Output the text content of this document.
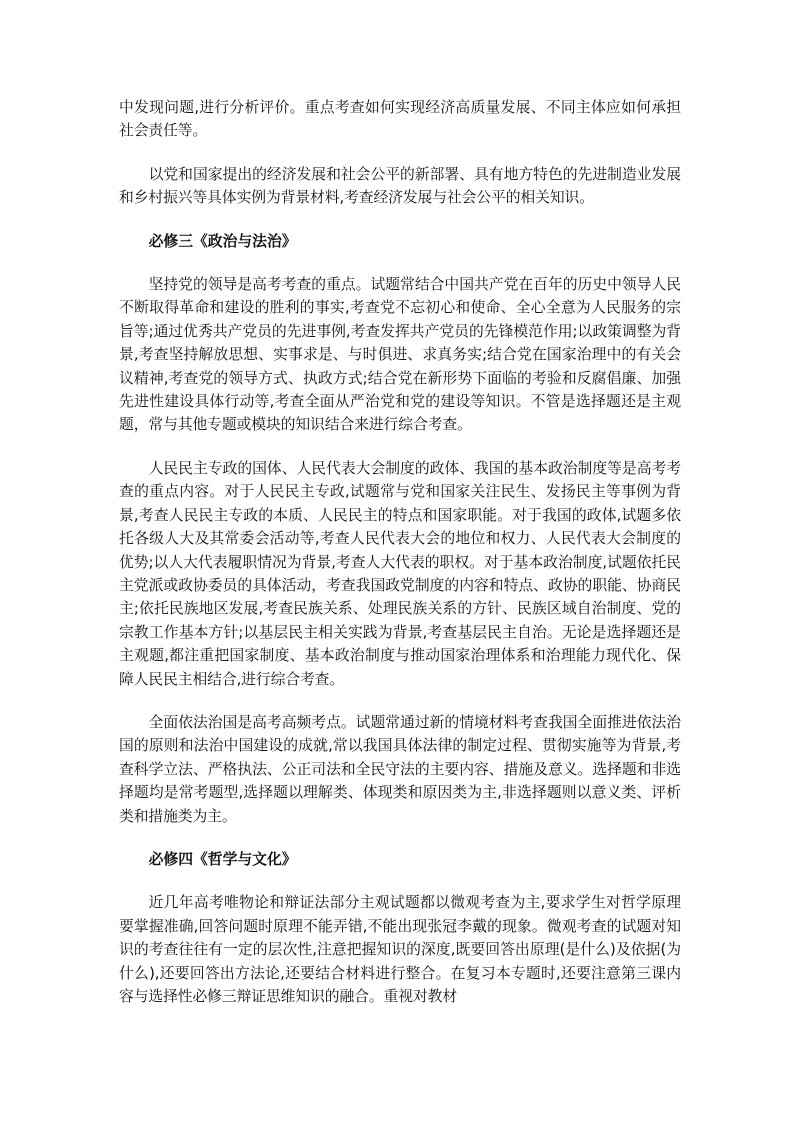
中发现问题,进行分析评价。重点考查如何实现经济高质量发展、不同主体应如何承担社会责任等。

以党和国家提出的经济发展和社会公平的新部署、具有地方特色的先进制造业发展和乡村振兴等具体实例为背景材料,考查经济发展与社会公平的相关知识。

必修三《政治与法治》

坚持党的领导是高考考查的重点。试题常结合中国共产党在百年的历史中领导人民不断取得革命和建设的胜利的事实,考查党不忘初心和使命、全心全意为人民服务的宗旨等;通过优秀共产党员的先进事例,考查发挥共产党员的先锋模范作用;以政策调整为背景,考查坚持解放思想、实事求是、与时俱进、求真务实;结合党在国家治理中的有关会议精神,考查党的领导方式、执政方式;结合党在新形势下面临的考验和反腐倡廉、加强先进性建设具体行动等,考查全面从严治党和党的建设等知识。不管是选择题还是主观题，常与其他专题或模块的知识结合来进行综合考查。

人民民主专政的国体、人民代表大会制度的政体、我国的基本政治制度等是高考考查的重点内容。对于人民民主专政,试题常与党和国家关注民生、发扬民主等事例为背景,考查人民民主专政的本质、人民民主的特点和国家职能。对于我国的政体,试题多依托各级人大及其常委会活动等,考查人民代表大会的地位和权力、人民代表大会制度的优势;以人大代表履职情况为背景,考查人大代表的职权。对于基本政治制度,试题依托民主党派或政协委员的具体活动，考查我国政党制度的内容和特点、政协的职能、协商民主;依托民族地区发展,考查民族关系、处理民族关系的方针、民族区域自治制度、党的宗教工作基本方针;以基层民主相关实践为背景,考查基层民主自治。无论是选择题还是主观题,都注重把国家制度、基本政治制度与推动国家治理体系和治理能力现代化、保障人民民主相结合,进行综合考查。

全面依法治国是高考高频考点。试题常通过新的情境材料考查我国全面推进依法治国的原则和法治中国建设的成就,常以我国具体法律的制定过程、贯彻实施等为背景,考查科学立法、严格执法、公正司法和全民守法的主要内容、措施及意义。选择题和非选择题均是常考题型,选择题以理解类、体现类和原因类为主,非选择题则以意义类、评析类和措施类为主。

必修四《哲学与文化》

近几年高考唯物论和辩证法部分主观试题都以微观考查为主,要求学生对哲学原理要掌握准确,回答问题时原理不能弄错,不能出现张冠李戴的现象。微观考查的试题对知识的考查往往有一定的层次性,注意把握知识的深度,既要回答出原理(是什么)及依据(为什么),还要回答出方法论,还要结合材料进行整合。在复习本专题时,还要注意第三课内容与选择性必修三辩证思维知识的融合。重视对教材
